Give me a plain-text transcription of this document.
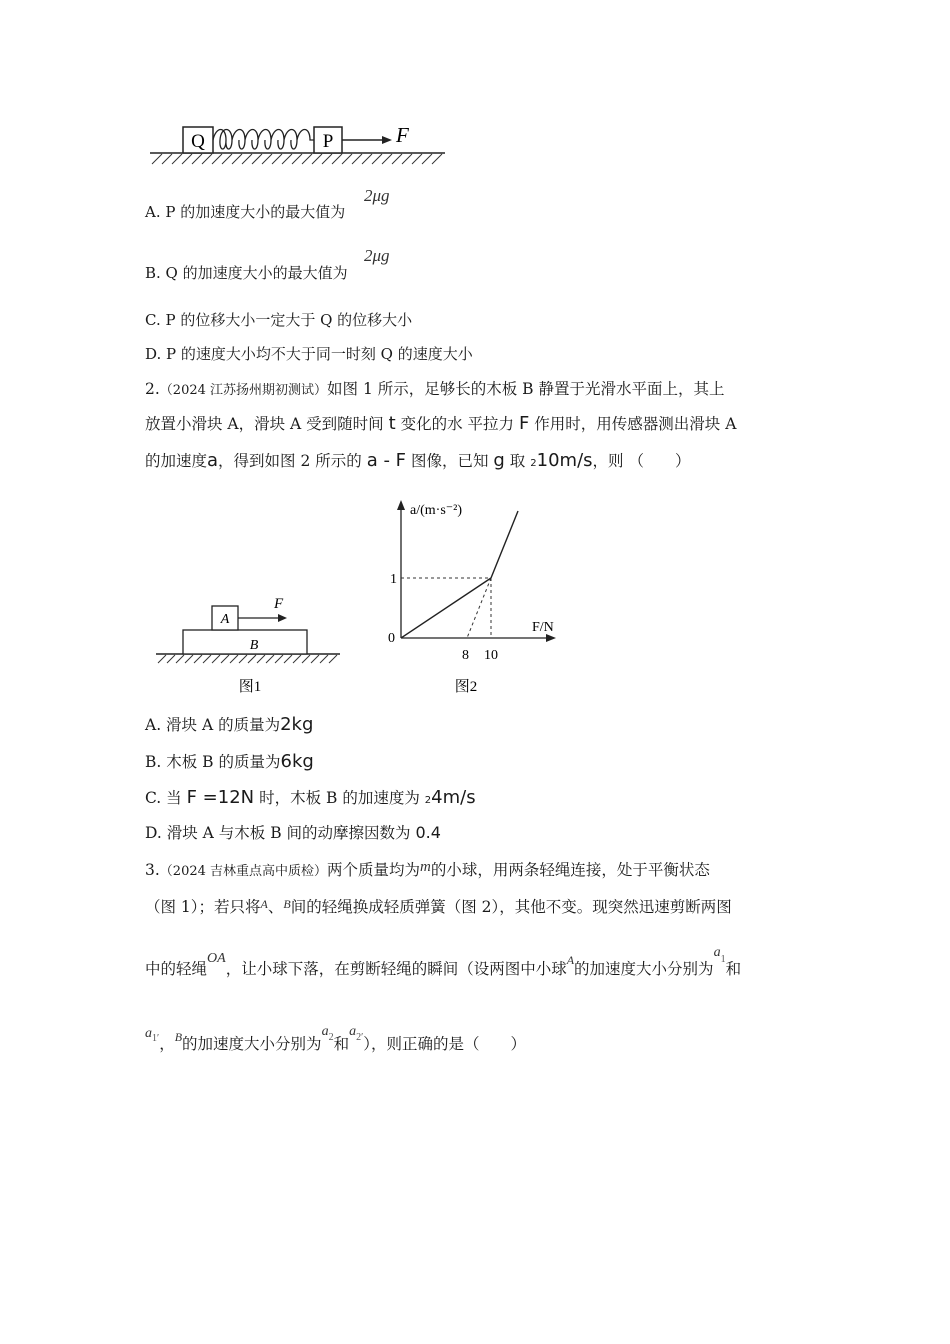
Q	P	F
A. P 的加速度大小的最大值为
2μg
B. Q 的加速度大小的最大值为
2μg
C. P 的位移大小一定大于 Q 的位移大小
D. P 的速度大小均不大于同一时刻 Q 的速度大小
2.（2024 江苏扬州期初测试）如图 1 所示，足够长的木板 B 静置于光滑水平面上，其上
放置小滑块 A，滑块 A 受到随时间 t 变化的水 平拉力 F 作用时，用传感器测出滑块 A
的加速度a，得到如图 2 所示的 a - F 图像，已知 g 取 210m/s，则 （　　）
B
A
F
图1
a/(m·s⁻²)
F/N
1
0
8 10
图2
A. 滑块 A 的质量为2kg
B. 木板 B 的质量为6kg
C. 当 F =12N 时，木板 B 的加速度为 24m/s
D. 滑块 A 与木板 B 间的动摩擦因数为 0.4
3.（2024 吉林重点高中质检）两个质量均为m的小球，用两条轻绳连接，处于平衡状态
（图 1）；若只将$^A$、$^B$间的轻绳换成轻质弹簧（图 2），其他不变。现突然迅速剪断两图
中的轻绳OA，让小球下落，在剪断轻绳的瞬间（设两图中小球$^A$的加速度大小分别为$a^1$和
$a^{1'}$，$^B$的加速度大小分别为$a^2$和$a^{2'}$），则正确的是（　　）
